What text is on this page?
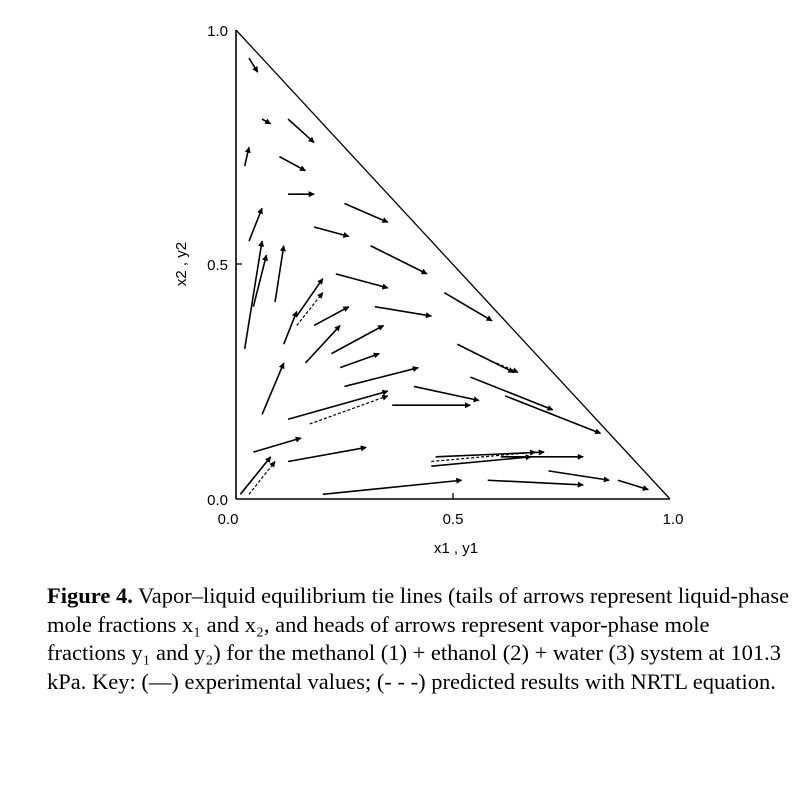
0.0	0.5	1.0
0.0
0.5
1.0
x1 , y1
x2 , y2
Figure 4. Vapor–liquid equilibrium tie lines (tails of arrows represent liquid-phase mole fractions x₁ and x₂, and heads of arrows represent vapor-phase mole fractions y₁ and y₂) for the methanol (1) + ethanol (2) + water (3) system at 101.3 kPa. Key: (—) experimental values; (- - -) predicted results with NRTL equation.
